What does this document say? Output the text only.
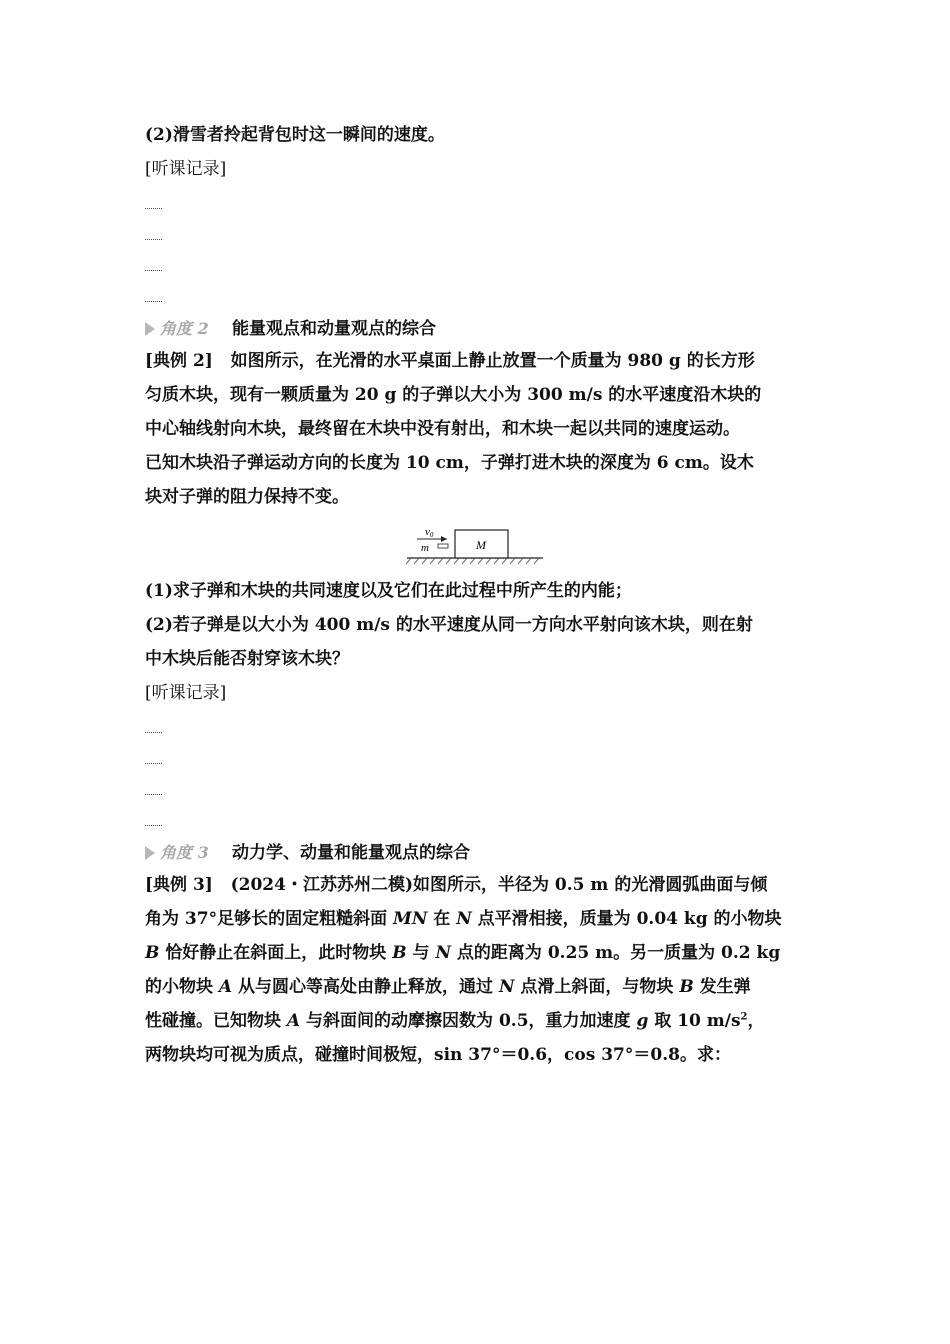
(2)滑雪者拎起背包时这一瞬间的速度。
[听课记录]
角度 2	能量观点和动量观点的综合
[典例 2] 如图所示，在光滑的水平桌面上静止放置一个质量为 980 g 的长方形
匀质木块，现有一颗质量为 20 g 的子弹以大小为 300 m/s 的水平速度沿木块的
中心轴线射向木块，最终留在木块中没有射出，和木块一起以共同的速度运动。
已知木块沿子弹运动方向的长度为 10 cm，子弹打进木块的深度为 6 cm。设木
块对子弹的阻力保持不变。
M
v0
m
(1)求子弹和木块的共同速度以及它们在此过程中所产生的内能；
(2)若子弹是以大小为 400 m/s 的水平速度从同一方向水平射向该木块，则在射
中木块后能否射穿该木块？
[听课记录]
角度 3	动力学、动量和能量观点的综合
[典例 3] (2024・江苏苏州二模)如图所示，半径为 0.5 m 的光滑圆弧曲面与倾
角为 37°足够长的固定粗糙斜面 MN 在 N 点平滑相接，质量为 0.04 kg 的小物块
B 恰好静止在斜面上，此时物块 B 与 N 点的距离为 0.25 m。另一质量为 0.2 kg
的小物块 A 从与圆心等高处由静止释放，通过 N 点滑上斜面，与物块 B 发生弹
性碰撞。已知物块 A 与斜面间的动摩擦因数为 0.5，重力加速度 g 取 10 $m/s^2$，
两物块均可视为质点，碰撞时间极短，sin 37°＝0.6，cos 37°＝0.8。求：
